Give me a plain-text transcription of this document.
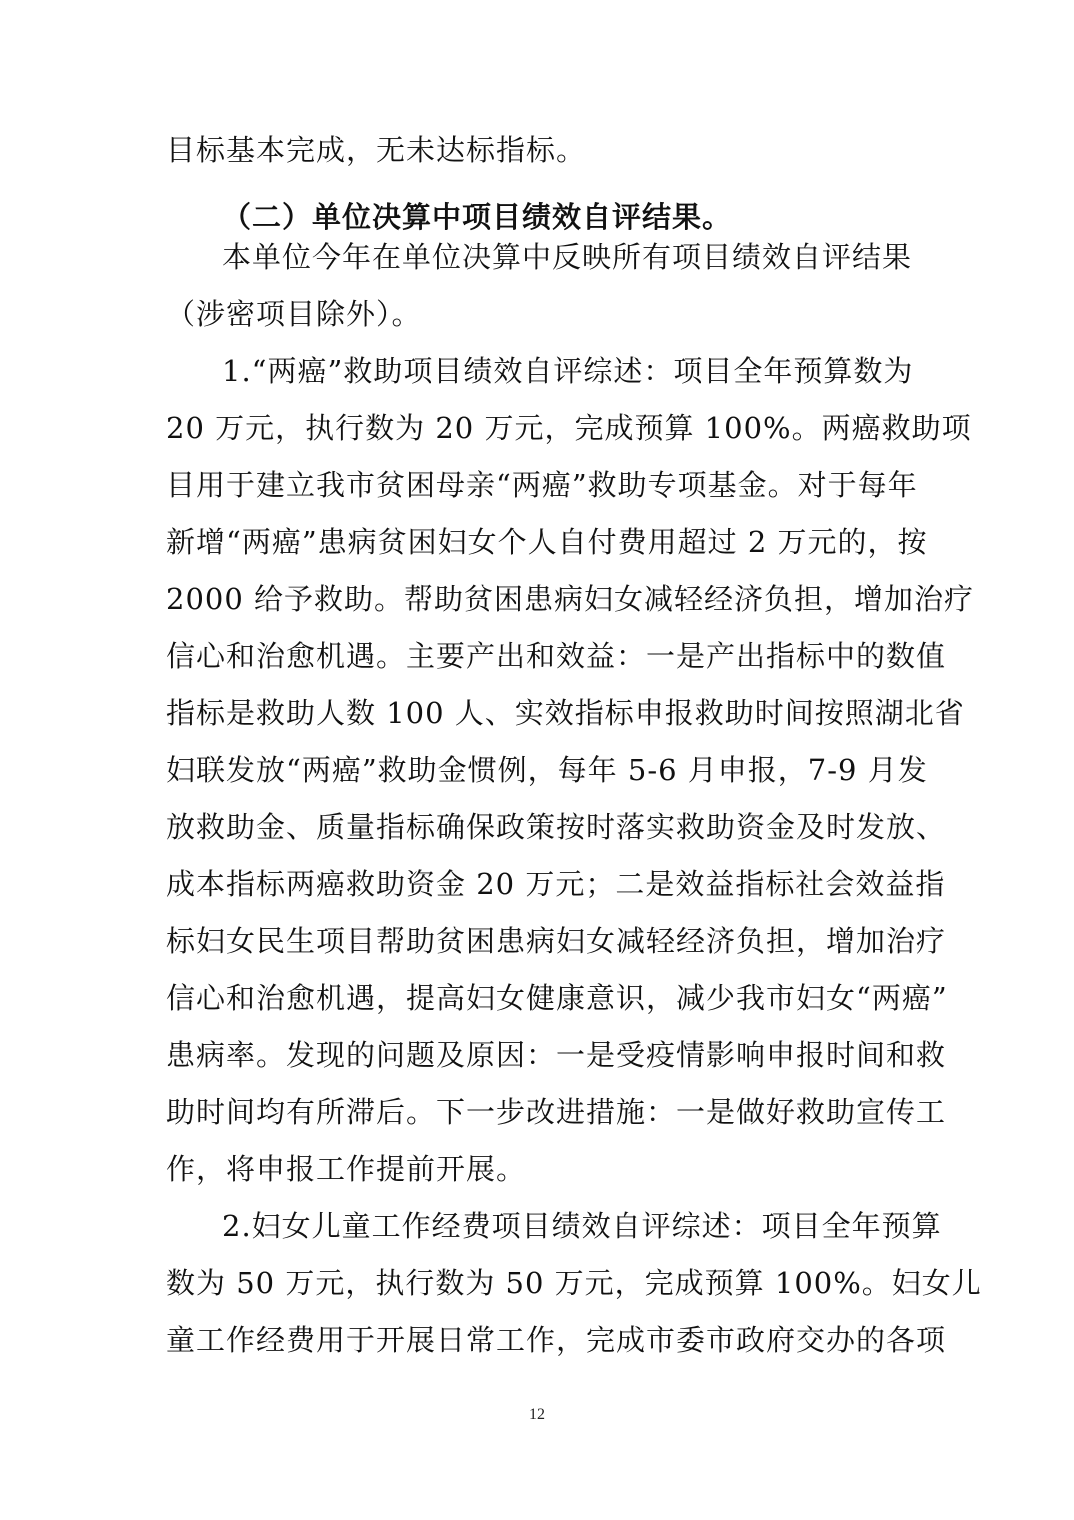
目标基本完成，无未达标指标。
（二）单位决算中项目绩效自评结果。
本单位今年在单位决算中反映所有项目绩效自评结果
（涉密项目除外）。
1.“两癌”救助项目绩效自评综述：项目全年预算数为
20 万元，执行数为 20 万元，完成预算 100%。两癌救助项
目用于建立我市贫困母亲“两癌”救助专项基金。对于每年
新增“两癌”患病贫困妇女个人自付费用超过 2 万元的，按
2000 给予救助。帮助贫困患病妇女减轻经济负担，增加治疗
信心和治愈机遇。主要产出和效益：一是产出指标中的数值
指标是救助人数 100 人、实效指标申报救助时间按照湖北省
妇联发放“两癌”救助金惯例，每年 5-6 月申报，7-9 月发
放救助金、质量指标确保政策按时落实救助资金及时发放、
成本指标两癌救助资金 20 万元；二是效益指标社会效益指
标妇女民生项目帮助贫困患病妇女减轻经济负担，增加治疗
信心和治愈机遇，提高妇女健康意识，减少我市妇女“两癌”
患病率。发现的问题及原因：一是受疫情影响申报时间和救
助时间均有所滞后。下一步改进措施：一是做好救助宣传工
作，将申报工作提前开展。
2.妇女儿童工作经费项目绩效自评综述：项目全年预算
数为 50 万元，执行数为 50 万元，完成预算 100%。妇女儿
童工作经费用于开展日常工作，完成市委市政府交办的各项
12
